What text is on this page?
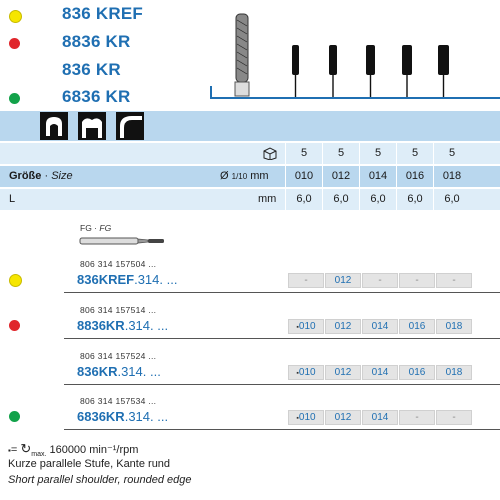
836 KREF
8836 KR
836 KR
6836 KR
5	5	5	5	5
Größe · Size	Ø 1/10 mm	010	012	014	016	018
L	mm	6,0	6,0	6,0	6,0	6,0
FG · FG
806 314 157504 ...
836KREF.314. ...	-	012	-	-	-
806 314 157514 ...
8836KR.314. ...	▪010	012	014	016	018
806 314 157524 ...
836KR.314. ...	▪010	012	014	016	018
806 314 157534 ...
6836KR.314. ...	▪010	012	014	-	-
▪= $↻_{max.}$ 160000 min⁻¹/rpm
Kurze parallele Stufe, Kante rund
Short parallel shoulder, rounded edge
